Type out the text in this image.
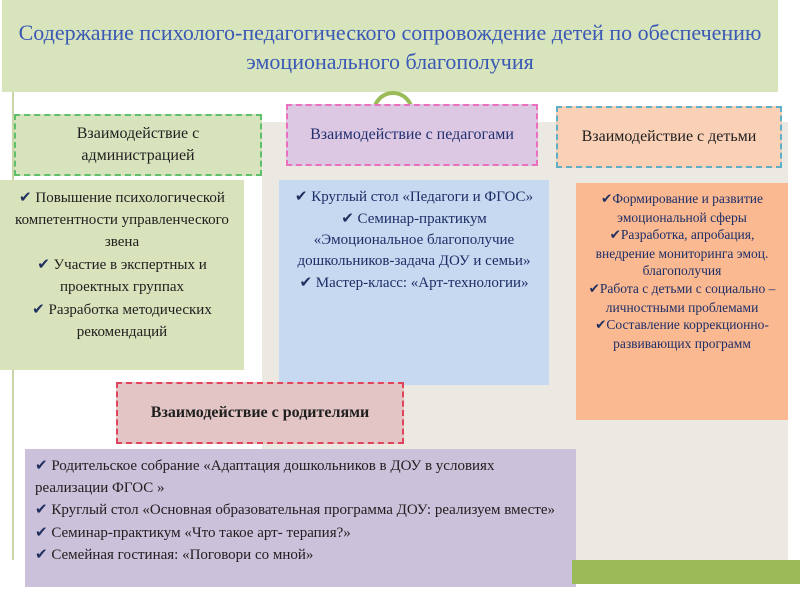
Содержание психолого-педагогического сопровождение детей по обеспечению эмоционального благополучия
Взаимодействие с администрацией
✔ Повышение психологической компетентности управленческого звена
✔ Участие в экспертных и проектных группах
✔ Разработка методических рекомендаций
Взаимодействие с педагогами
✔ Круглый стол «Педагоги и ФГОС»
✔ Семинар-практикум «Эмоциональное благополучие дошкольников-задача ДОУ и семьи»
✔ Мастер-класс: «Арт-технологии»
Взаимодействие с детьми
✔Формирование и развитие эмоциональной сферы
✔Разработка, апробация, внедрение мониторинга эмоц. благополучия
✔Работа с детьми с социально –личностными проблемами
✔Составление коррекционно-развивающих программ
Взаимодействие с родителями
✔ Родительское собрание «Адаптация дошкольников в ДОУ в условиях реализации ФГОС »
✔ Круглый стол «Основная образовательная программа ДОУ: реализуем вместе»
✔ Семинар-практикум «Что такое арт- терапия?»
✔ Семейная гостиная: «Поговори со мной»
